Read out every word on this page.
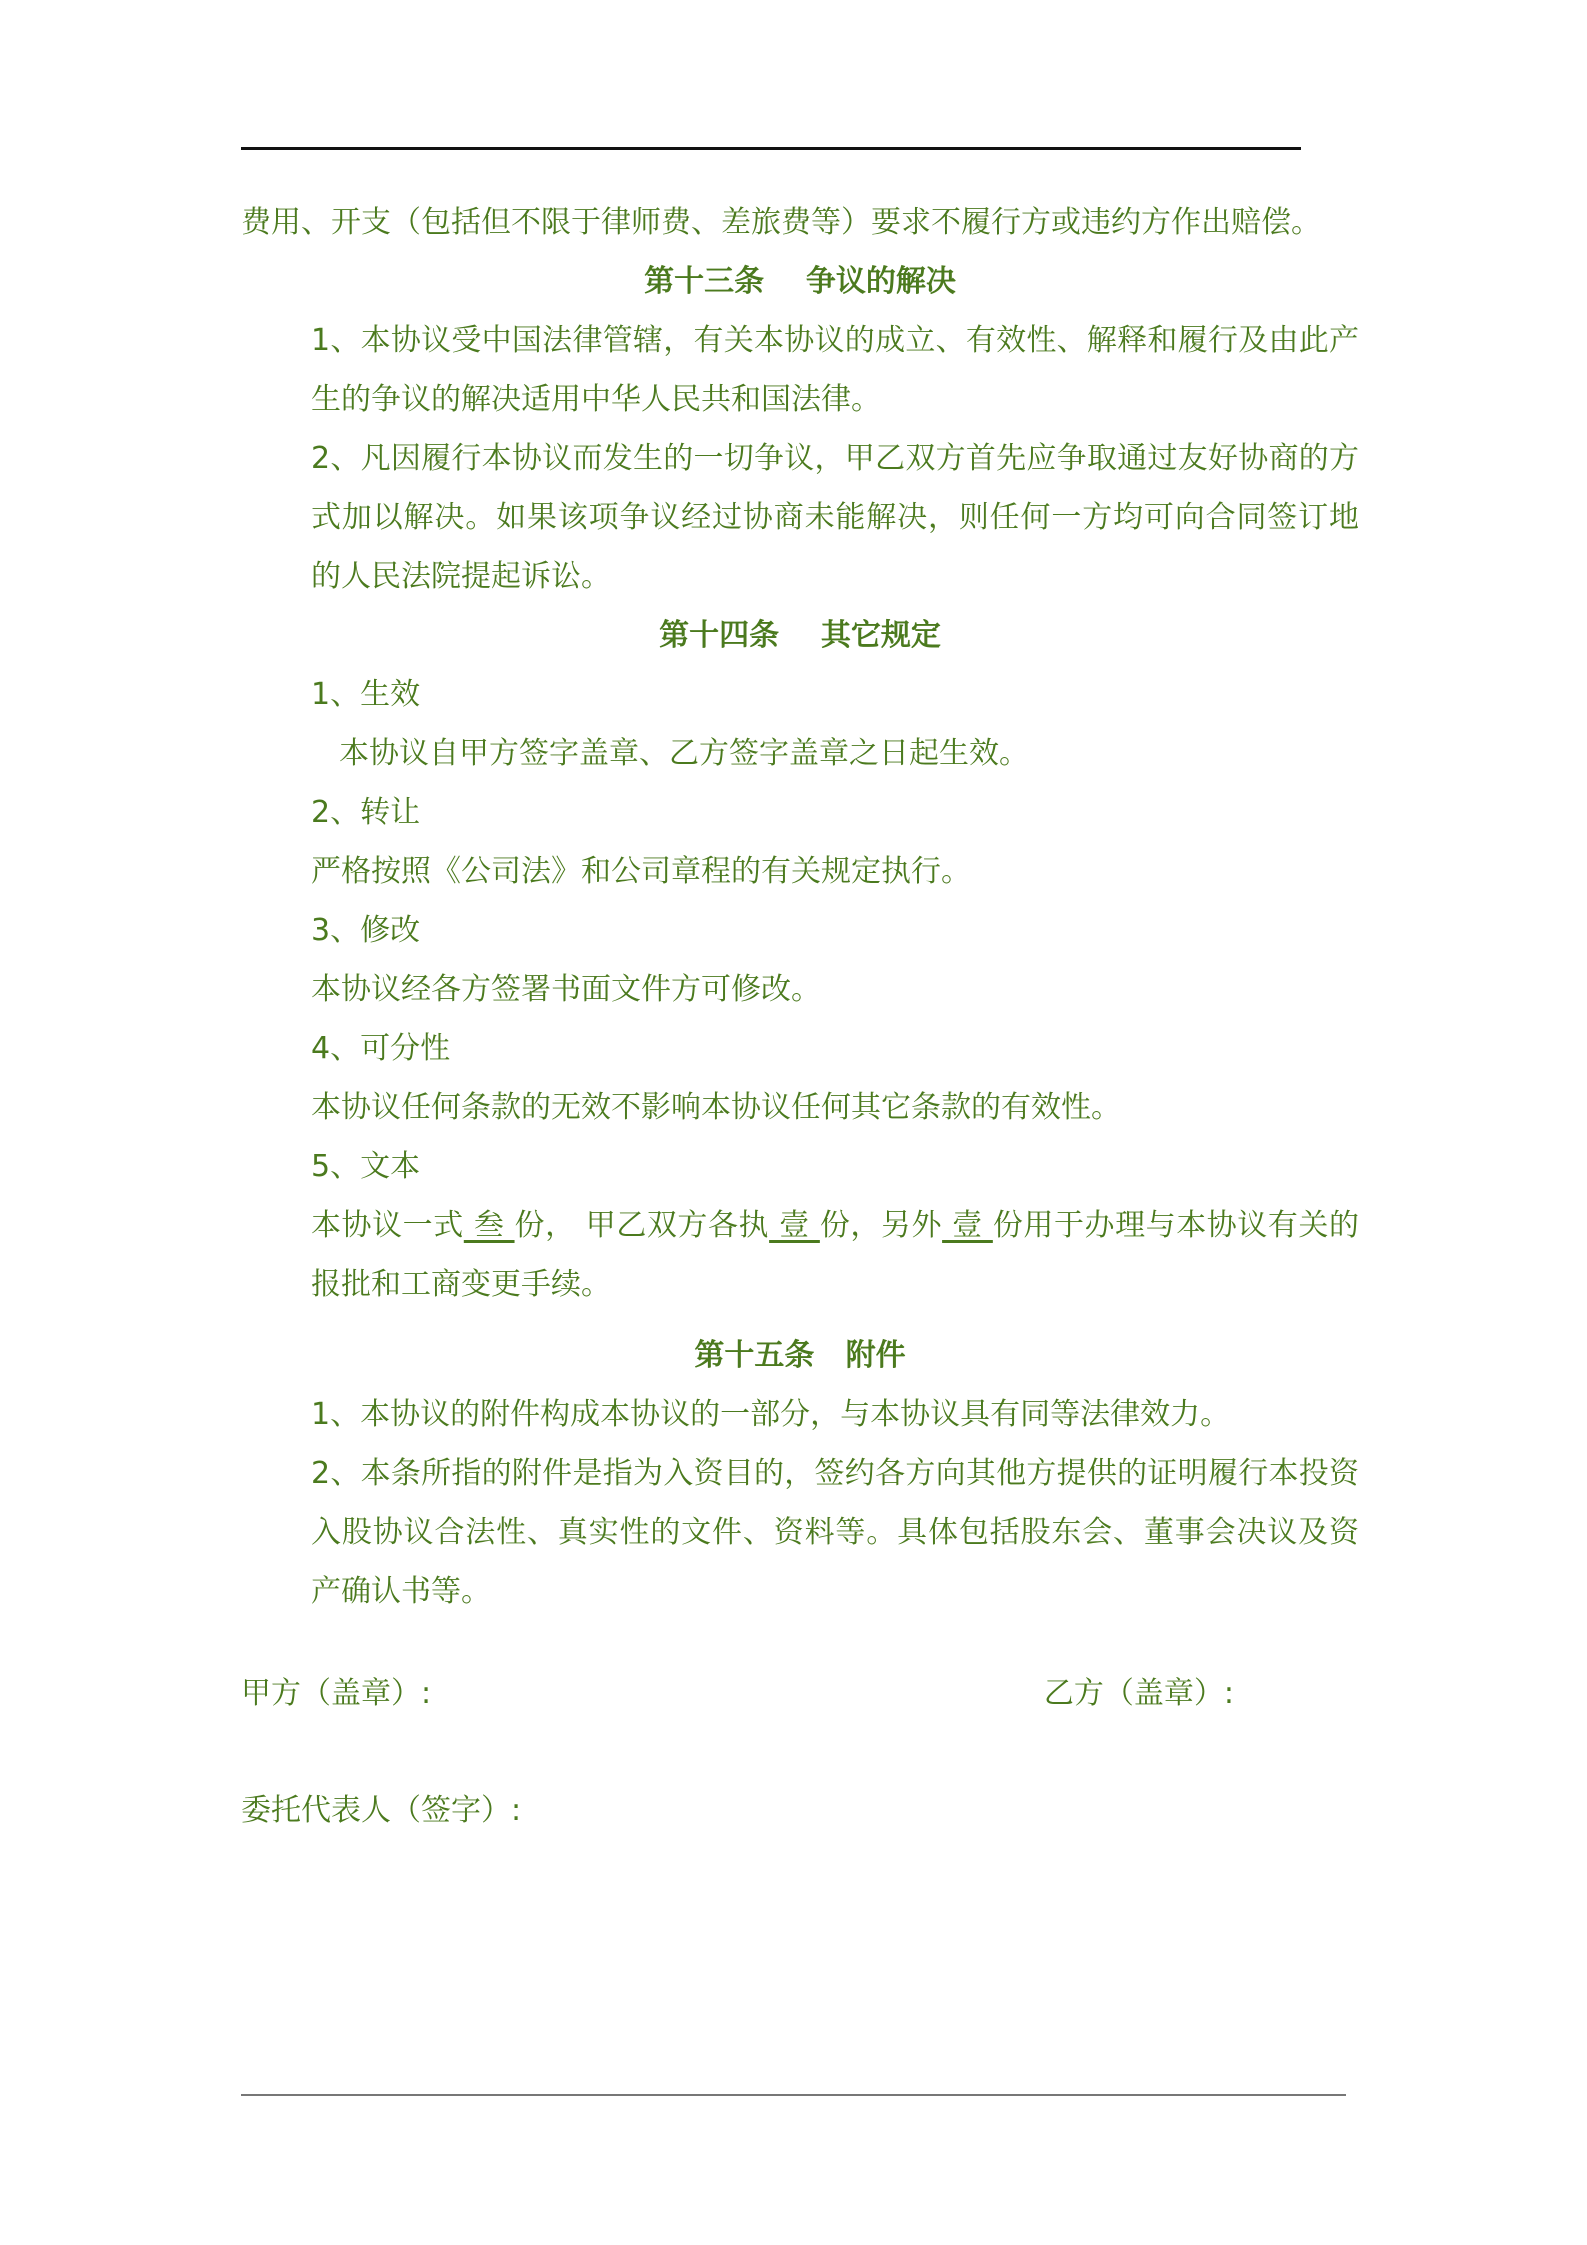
费用、开支（包括但不限于律师费、差旅费等）要求不履行方或违约方作出赔偿。

第十三条    争议的解决

1、本协议受中国法律管辖，有关本协议的成立、有效性、解释和履行及由此产生的争议的解决适用中华人民共和国法律。

2、凡因履行本协议而发生的一切争议，甲乙双方首先应争取通过友好协商的方式加以解决。如果该项争议经过协商未能解决，则任何一方均可向合同签订地的人民法院提起诉讼。

第十四条    其它规定

1、生效

本协议自甲方签字盖章、乙方签字盖章之日起生效。

2、转让

严格按照《公司法》和公司章程的有关规定执行。

3、修改

本协议经各方签署书面文件方可修改。

4、可分性

本协议任何条款的无效不影响本协议任何其它条款的有效性。

5、文本

本协议一式 叁 份， 甲乙双方各执 壹 份，另外 壹 份用于办理与本协议有关的报批和工商变更手续。

第十五条   附件

1、本协议的附件构成本协议的一部分，与本协议具有同等法律效力。

2、本条所指的附件是指为入资目的，签约各方向其他方提供的证明履行本投资入股协议合法性、真实性的文件、资料等。具体包括股东会、董事会决议及资产确认书等。

甲方（盖章）:	乙方（盖章）:

委托代表人（签字）:
